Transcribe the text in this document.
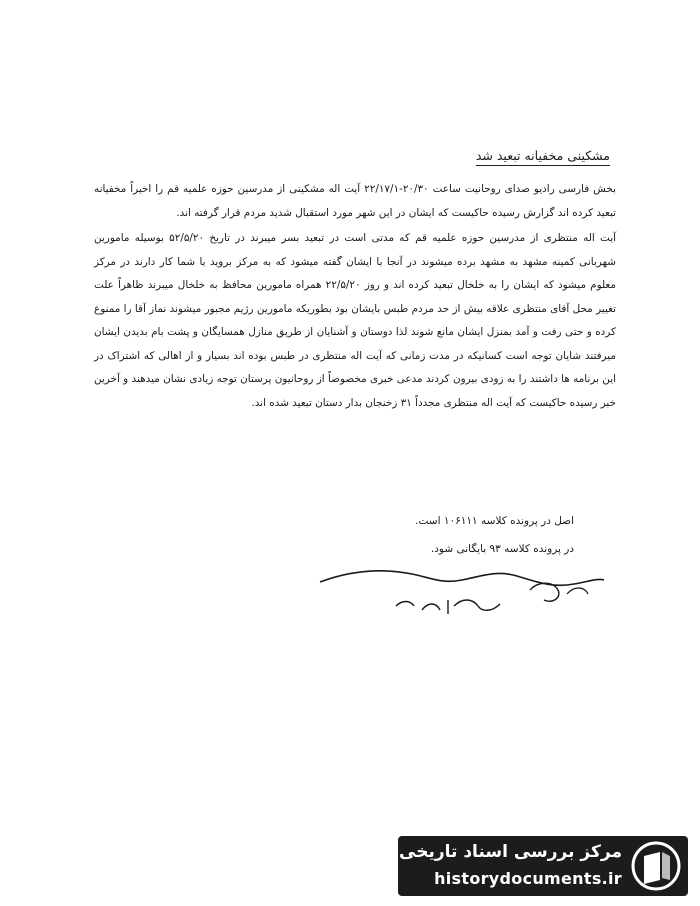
مشکینی مخفیانه تبعید شد

بخش فارسی رادیو صدای روحانیت ساعت ۲۰/۳۰-۲۲/۱۷/۱ آیت اله مشکینی از مدرسین حوزه علمیه قم را اخیراً مخفیانه تبعید کرده اند گزارش رسیده حاکیست که ایشان در این شهر مورد استقبال شدید مردم قرار گرفته اند.

آیت اله منتظری از مدرسین حوزه علمیه قم که مدتی است در تبعید بسر میبرند در تاریخ ۵۲/۵/۲۰ بوسیله مامورین شهربانی کمینه مشهد به مشهد برده میشوند در آنجا با ایشان گفته میشود که به مرکز بروید با شما کار دارند در مرکز معلوم میشود که ایشان را به خلخال تبعید کرده اند و روز ۲۲/۵/۲۰ همراه مامورین محافظ به خلخال میبرند ظاهراً علت تغییر محل آقای منتظری علاقه بیش از حد مردم طبس بایشان بود بطوریکه مامورین رژیم مجبور میشوند نماز آقا را ممنوع کرده و حتی رفت و آمد بمنزل ایشان مانع شوند لذا دوستان و آشنایان از طریق منازل همسایگان و پشت بام بدیدن ایشان میرفتند شایان توجه است کسانیکه در مدت زمانی که آیت اله منتظری در طبس بوده اند بسیار و از اهالی که اشتراک در این برنامه ها داشتند را به زودی بیرون کردند مدعی خبری مخصوصاً از روحانیون پرستان توجه زیادی نشان میدهند و آخرین خبر رسیده حاکیست که آیت اله منتظری مجدداً ۳۱ زخنجان بدار دستان تبعید شده اند.

اصل در پرونده کلاسه ۱۰۶۱۱۱ است.
در پرونده کلاسه ۹۳ بایگانی شود.
مرکز بررسی اسناد تاریخی
historydocuments.ir
